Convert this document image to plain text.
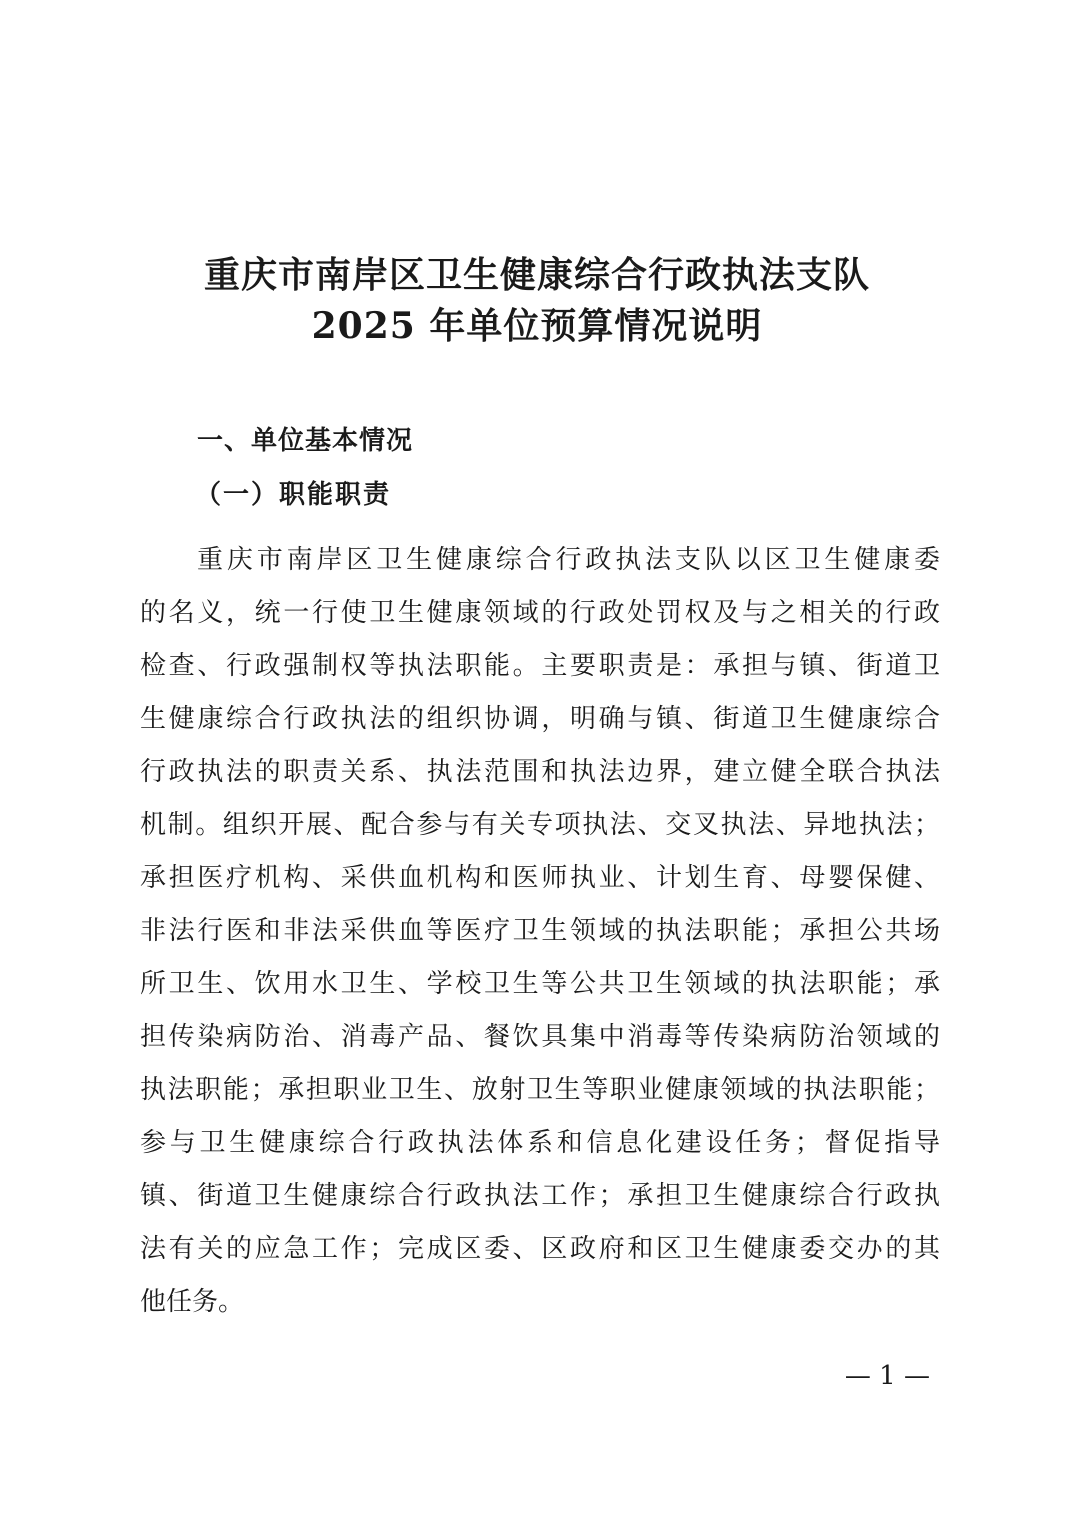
重庆市南岸区卫生健康综合行政执法支队
2025 年单位预算情况说明
一、单位基本情况
（一）职能职责
重庆市南岸区卫生健康综合行政执法支队以区卫生健康委
的名义，统一行使卫生健康领域的行政处罚权及与之相关的行政
检查、行政强制权等执法职能。主要职责是：承担与镇、街道卫
生健康综合行政执法的组织协调，明确与镇、街道卫生健康综合
行政执法的职责关系、执法范围和执法边界，建立健全联合执法
机制。组织开展、配合参与有关专项执法、交叉执法、异地执法；
承担医疗机构、采供血机构和医师执业、计划生育、母婴保健、
非法行医和非法采供血等医疗卫生领域的执法职能；承担公共场
所卫生、饮用水卫生、学校卫生等公共卫生领域的执法职能；承
担传染病防治、消毒产品、餐饮具集中消毒等传染病防治领域的
执法职能；承担职业卫生、放射卫生等职业健康领域的执法职能；
参与卫生健康综合行政执法体系和信息化建设任务；督促指导
镇、街道卫生健康综合行政执法工作；承担卫生健康综合行政执
法有关的应急工作；完成区委、区政府和区卫生健康委交办的其
他任务。
— 1 —
